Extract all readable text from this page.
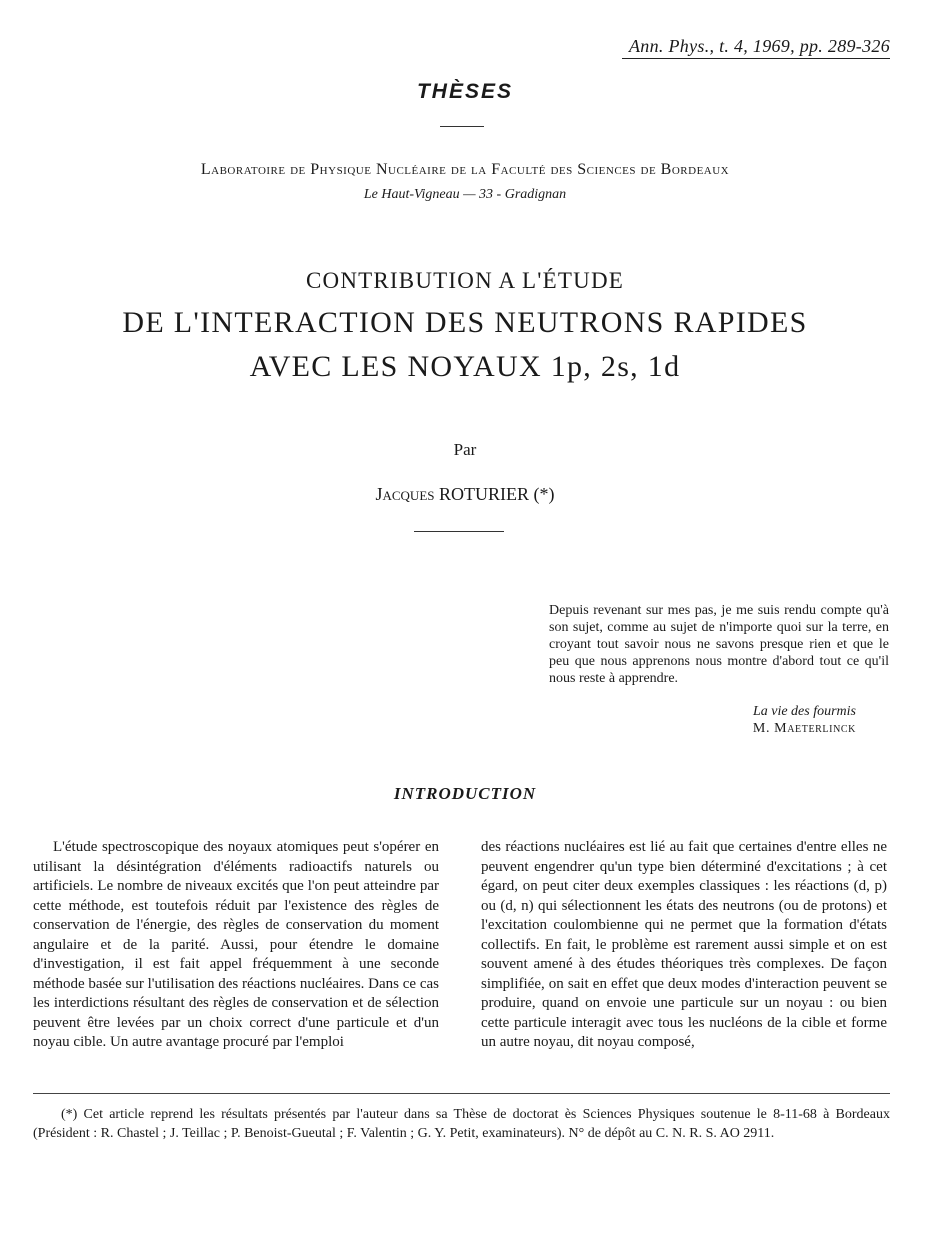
Ann. Phys., t. 4, 1969, pp. 289-326
THÈSES
Laboratoire de Physique Nucléaire de la Faculté des Sciences de Bordeaux
Le Haut-Vigneau — 33 - Gradignan
CONTRIBUTION A L'ÉTUDE
DE L'INTERACTION DES NEUTRONS RAPIDES
AVEC LES NOYAUX 1p, 2s, 1d
Par
Jacques ROTURIER (*)
Depuis revenant sur mes pas, je me suis rendu compte qu'à son sujet, comme au sujet de n'importe quoi sur la terre, en croyant tout savoir nous ne savons presque rien et que le peu que nous apprenons nous montre d'abord tout ce qu'il nous reste à apprendre.
La vie des fourmis
M. Maeterlinck
INTRODUCTION
L'étude spectroscopique des noyaux atomiques peut s'opérer en utilisant la désintégration d'éléments radioactifs naturels ou artificiels. Le nombre de niveaux excités que l'on peut atteindre par cette méthode, est toutefois réduit par l'existence des règles de conservation de l'énergie, des règles de conservation du moment angulaire et de la parité. Aussi, pour étendre le domaine d'investigation, il est fait appel fréquemment à une seconde méthode basée sur l'utilisation des réactions nucléaires. Dans ce cas les interdictions résultant des règles de conservation et de sélection peuvent être levées par un choix correct d'une particule et d'un noyau cible. Un autre avantage procuré par l'emploi
des réactions nucléaires est lié au fait que certaines d'entre elles ne peuvent engendrer qu'un type bien déterminé d'excitations ; à cet égard, on peut citer deux exemples classiques : les réactions (d, p) ou (d, n) qui sélectionnent les états des neutrons (ou de protons) et l'excitation coulombienne qui ne permet que la formation d'états collectifs. En fait, le problème est rarement aussi simple et on est souvent amené à des études théoriques très complexes. De façon simplifiée, on sait en effet que deux modes d'interaction peuvent se produire, quand on envoie une particule sur un noyau : ou bien cette particule interagit avec tous les nucléons de la cible et forme un autre noyau, dit noyau composé,
(*) Cet article reprend les résultats présentés par l'auteur dans sa Thèse de doctorat ès Sciences Physiques soutenue le 8-11-68 à Bordeaux (Président : R. Chastel ; J. Teillac ; P. Benoist-Gueutal ; F. Valentin ; G. Y. Petit, examinateurs). N° de dépôt au C. N. R. S. AO 2911.
